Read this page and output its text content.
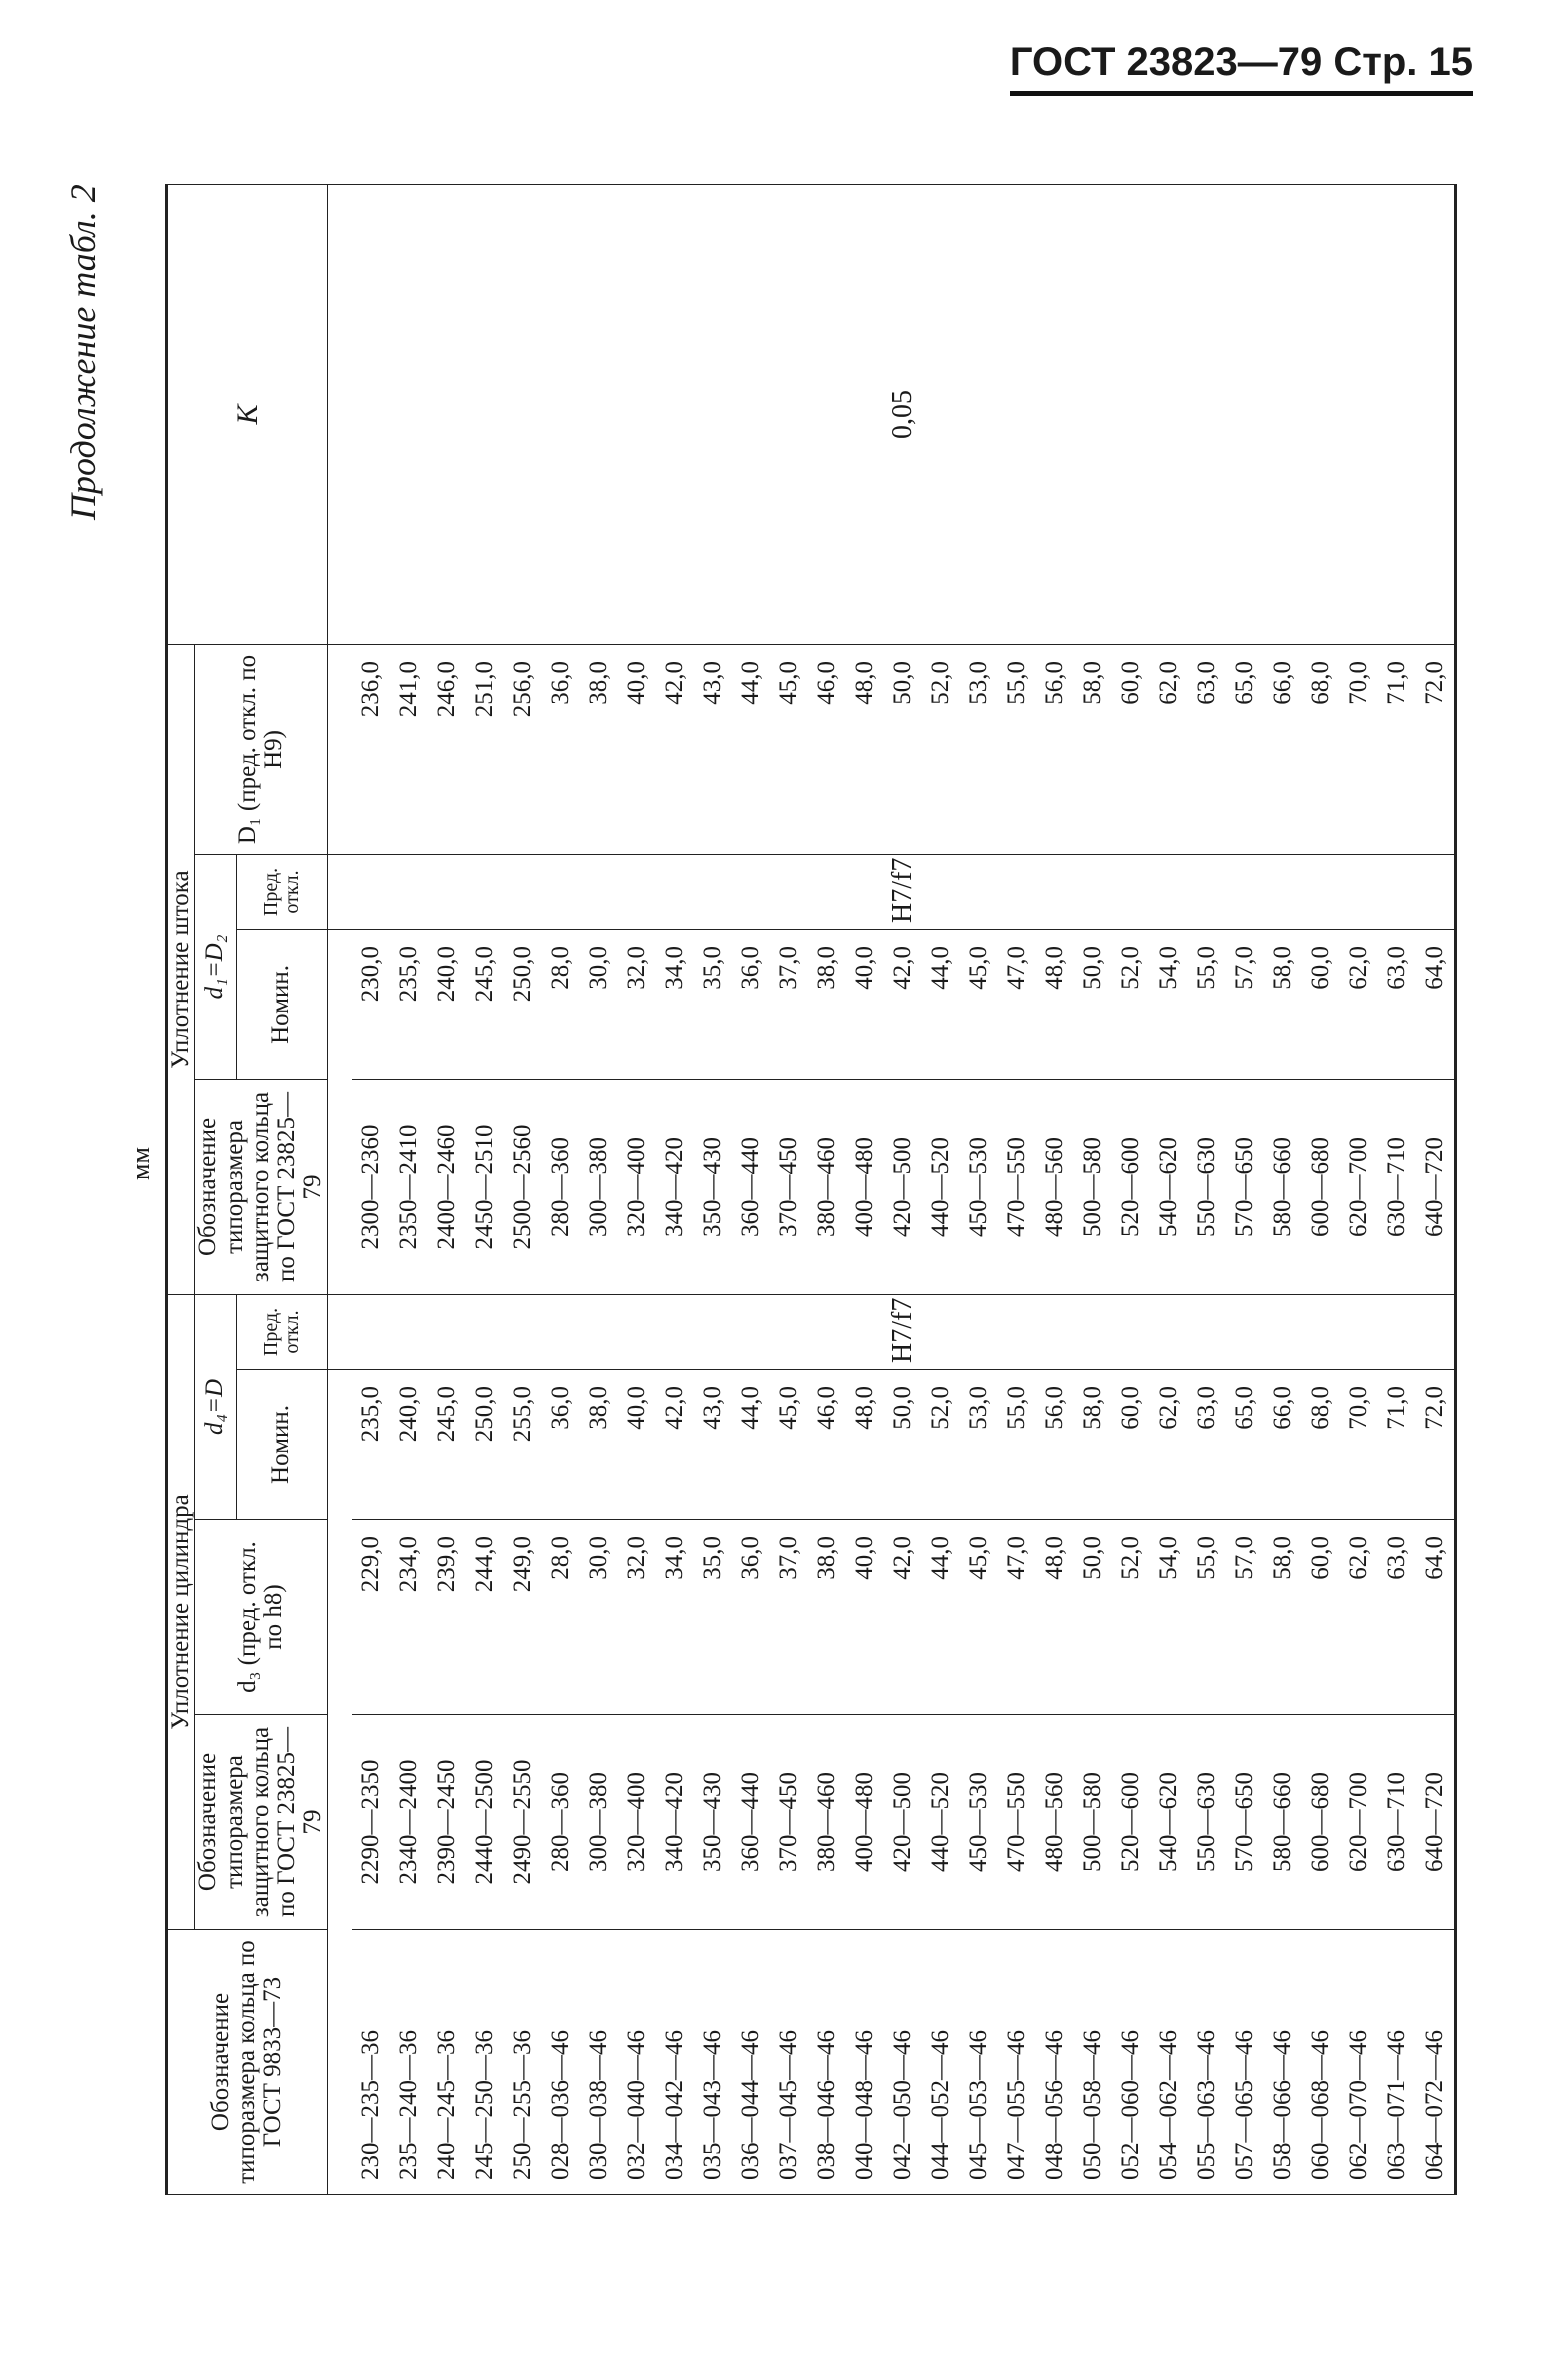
ГОСТ 23823—79 Стр. 15
Продолжение табл. 2
мм
Обозначение типоразмера кольца по ГОСТ 9833—73	Уплотнение цилиндра				Уплотнение штока				K
	Обозначение типоразмера защитного кольца по ГОСТ 23825—79	d₃ (пред. откл. по h8)	d₄=D		Обозначение типоразмера защитного кольца по ГОСТ 23825—79	d₁=D₂		D₁ (пред. откл. по H9)	
			Номин.	Пред. откл.		Номин.	Пред. откл.		

230—235—36	2290—2350	229,0	235,0	H7/f7	2300—2360	230,0	H7/f7	236,0	0,05
235—240—36	2340—2400	234,0	240,0		2350—2410	235,0		241,0	
240—245—36	2390—2450	239,0	245,0		2400—2460	240,0		246,0	
245—250—36	2440—2500	244,0	250,0		2450—2510	245,0		251,0	
250—255—36	2490—2550	249,0	255,0		2500—2560	250,0		256,0	
028—036—46	280—360	28,0	36,0		280—360	28,0		36,0	
030—038—46	300—380	30,0	38,0		300—380	30,0		38,0	
032—040—46	320—400	32,0	40,0		320—400	32,0		40,0	
034—042—46	340—420	34,0	42,0		340—420	34,0		42,0	
035—043—46	350—430	35,0	43,0		350—430	35,0		43,0	
036—044—46	360—440	36,0	44,0		360—440	36,0		44,0	
037—045—46	370—450	37,0	45,0		370—450	37,0		45,0	
038—046—46	380—460	38,0	46,0		380—460	38,0		46,0	
040—048—46	400—480	40,0	48,0		400—480	40,0		48,0	
042—050—46	420—500	42,0	50,0		420—500	42,0		50,0	
044—052—46	440—520	44,0	52,0		440—520	44,0		52,0	
045—053—46	450—530	45,0	53,0		450—530	45,0		53,0	
047—055—46	470—550	47,0	55,0		470—550	47,0		55,0	
048—056—46	480—560	48,0	56,0		480—560	48,0		56,0	
050—058—46	500—580	50,0	58,0		500—580	50,0		58,0	
052—060—46	520—600	52,0	60,0		520—600	52,0		60,0	
054—062—46	540—620	54,0	62,0		540—620	54,0		62,0	
055—063—46	550—630	55,0	63,0		550—630	55,0		63,0	
057—065—46	570—650	57,0	65,0		570—650	57,0		65,0	
058—066—46	580—660	58,0	66,0		580—660	58,0		66,0	
060—068—46	600—680	60,0	68,0		600—680	60,0		68,0	
062—070—46	620—700	62,0	70,0		620—700	62,0		70,0	
063—071—46	630—710	63,0	71,0		630—710	63,0		71,0	
064—072—46	640—720	64,0	72,0		640—720	64,0		72,0	
